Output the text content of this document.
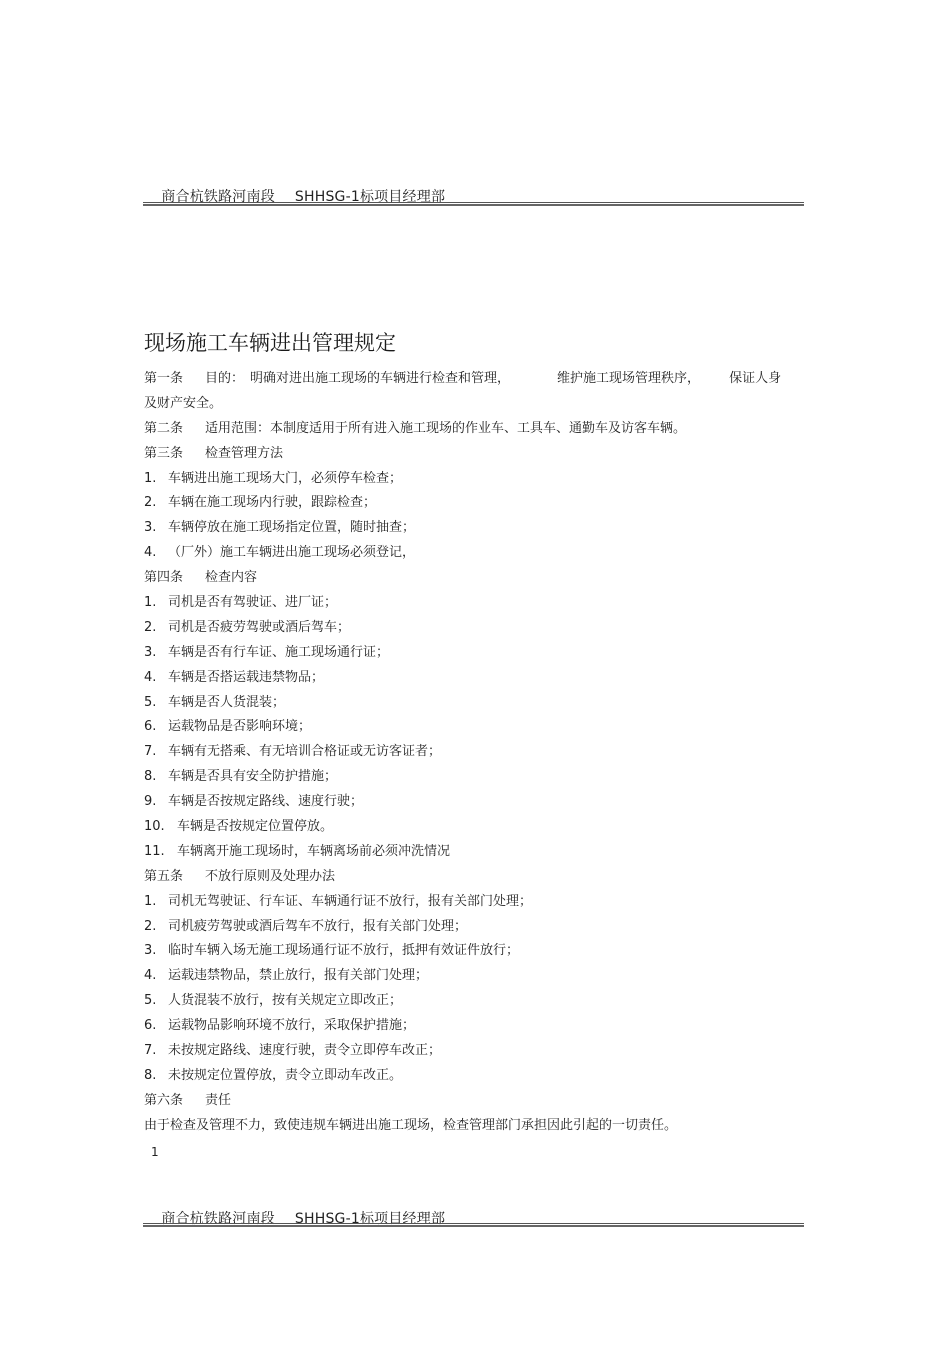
商合杭铁路河南段 SHHSG-1标项目经理部

现场施工车辆进出管理规定
第一条 目的： 明确对进出施工现场的车辆进行检查和管理，	维护施工现场管理秩序， 保证人身
及财产安全。
第二条 适用范围：本制度适用于所有进入施工现场的作业车、工具车、通勤车及访客车辆。
第三条 检查管理方法
1. 车辆进出施工现场大门，必须停车检查；
2. 车辆在施工现场内行驶，跟踪检查；
3. 车辆停放在施工现场指定位置，随时抽查；
4. （厂外）施工车辆进出施工现场必须登记，
第四条 检查内容
1. 司机是否有驾驶证、进厂证；
2. 司机是否疲劳驾驶或酒后驾车；
3. 车辆是否有行车证、施工现场通行证；
4. 车辆是否搭运载违禁物品；
5. 车辆是否人货混装；
6. 运载物品是否影响环境；
7. 车辆有无搭乘、有无培训合格证或无访客证者；
8. 车辆是否具有安全防护措施；
9. 车辆是否按规定路线、速度行驶；
10. 车辆是否按规定位置停放。
11. 车辆离开施工现场时，车辆离场前必须冲洗情况
第五条 不放行原则及处理办法
1. 司机无驾驶证、行车证、车辆通行证不放行，报有关部门处理；
2. 司机疲劳驾驶或酒后驾车不放行，报有关部门处理；
3. 临时车辆入场无施工现场通行证不放行，抵押有效证件放行；
4. 运载违禁物品，禁止放行，报有关部门处理；
5. 人货混装不放行，按有关规定立即改正；
6. 运载物品影响环境不放行，采取保护措施；
7. 未按规定路线、速度行驶，责令立即停车改正；
8. 未按规定位置停放，责令立即动车改正。
第六条 责任
由于检查及管理不力，致使违规车辆进出施工现场，检查管理部门承担因此引起的一切责任。
1

商合杭铁路河南段 SHHSG-1标项目经理部
